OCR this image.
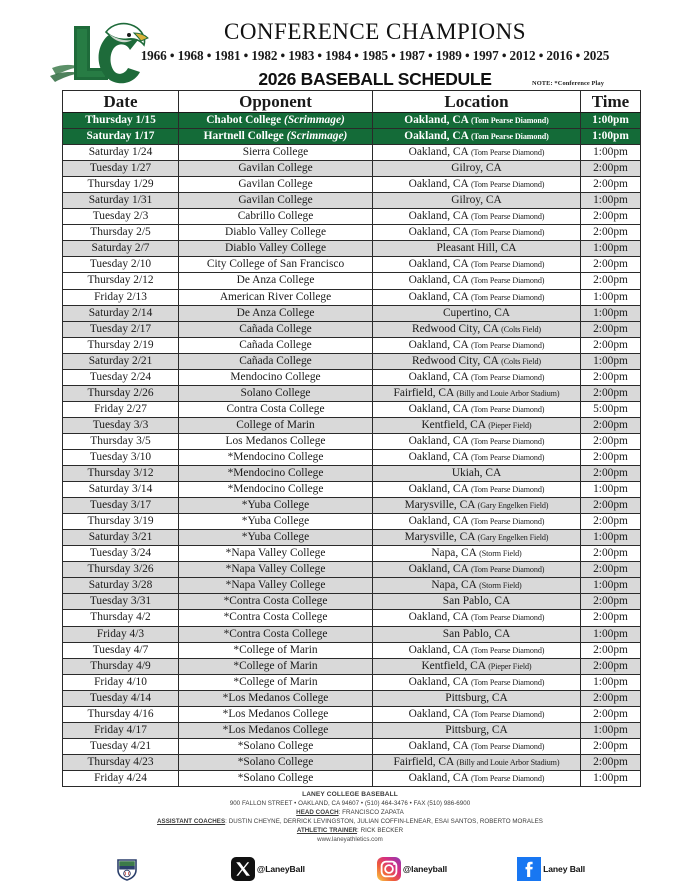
CONFERENCE CHAMPIONS
1966 • 1968 • 1981 • 1982 • 1983 • 1984 • 1985 • 1987 • 1989 • 1997 • 2012 • 2016 • 2025
2026 BASEBALL SCHEDULE	NOTE: *Conference Play
Date	Opponent	Location	Time
Thursday 1/15	Chabot College (Scrimmage)	Oakland, CA (Tom Pearse Diamond)	1:00pm
Saturday 1/17	Hartnell College (Scrimmage)	Oakland, CA (Tom Pearse Diamond)	1:00pm
Saturday 1/24	Sierra College	Oakland, CA (Tom Pearse Diamond)	1:00pm
Tuesday 1/27	Gavilan College	Gilroy, CA	2:00pm
Thursday 1/29	Gavilan College	Oakland, CA (Tom Pearse Diamond)	2:00pm
Saturday 1/31	Gavilan College	Gilroy, CA	1:00pm
Tuesday 2/3	Cabrillo College	Oakland, CA (Tom Pearse Diamond)	2:00pm
Thursday 2/5	Diablo Valley College	Oakland, CA (Tom Pearse Diamond)	2:00pm
Saturday 2/7	Diablo Valley College	Pleasant Hill, CA	1:00pm
Tuesday 2/10	City College of San Francisco	Oakland, CA (Tom Pearse Diamond)	2:00pm
Thursday 2/12	De Anza College	Oakland, CA (Tom Pearse Diamond)	2:00pm
Friday 2/13	American River College	Oakland, CA (Tom Pearse Diamond)	1:00pm
Saturday 2/14	De Anza College	Cupertino, CA	1:00pm
Tuesday 2/17	Cañada College	Redwood City, CA (Colts Field)	2:00pm
Thursday 2/19	Cañada College	Oakland, CA (Tom Pearse Diamond)	2:00pm
Saturday 2/21	Cañada College	Redwood City, CA (Colts Field)	1:00pm
Tuesday 2/24	Mendocino College	Oakland, CA (Tom Pearse Diamond)	2:00pm
Thursday 2/26	Solano College	Fairfield, CA (Billy and Louie Arbor Stadium)	2:00pm
Friday 2/27	Contra Costa College	Oakland, CA (Tom Pearse Diamond)	5:00pm
Tuesday 3/3	College of Marin	Kentfield, CA (Pieper Field)	2:00pm
Thursday 3/5	Los Medanos College	Oakland, CA (Tom Pearse Diamond)	2:00pm
Tuesday 3/10	*Mendocino College	Oakland, CA (Tom Pearse Diamond)	2:00pm
Thursday 3/12	*Mendocino College	Ukiah, CA	2:00pm
Saturday 3/14	*Mendocino College	Oakland, CA (Tom Pearse Diamond)	1:00pm
Tuesday 3/17	*Yuba College	Marysville, CA (Gary Engelken Field)	2:00pm
Thursday 3/19	*Yuba College	Oakland, CA (Tom Pearse Diamond)	2:00pm
Saturday 3/21	*Yuba College	Marysville, CA (Gary Engelken Field)	1:00pm
Tuesday 3/24	*Napa Valley College	Napa, CA (Storm Field)	2:00pm
Thursday 3/26	*Napa Valley College	Oakland, CA (Tom Pearse Diamond)	2:00pm
Saturday 3/28	*Napa Valley College	Napa, CA (Storm Field)	1:00pm
Tuesday 3/31	*Contra Costa College	San Pablo, CA	2:00pm
Thursday 4/2	*Contra Costa College	Oakland, CA (Tom Pearse Diamond)	2:00pm
Friday 4/3	*Contra Costa College	San Pablo, CA	1:00pm
Tuesday 4/7	*College of Marin	Oakland, CA (Tom Pearse Diamond)	2:00pm
Thursday 4/9	*College of Marin	Kentfield, CA (Pieper Field)	2:00pm
Friday 4/10	*College of Marin	Oakland, CA (Tom Pearse Diamond)	1:00pm
Tuesday 4/14	*Los Medanos College	Pittsburg, CA	2:00pm
Thursday 4/16	*Los Medanos College	Oakland, CA (Tom Pearse Diamond)	2:00pm
Friday 4/17	*Los Medanos College	Pittsburg, CA	1:00pm
Tuesday 4/21	*Solano College	Oakland, CA (Tom Pearse Diamond)	2:00pm
Thursday 4/23	*Solano College	Fairfield, CA (Billy and Louie Arbor Stadium)	2:00pm
Friday 4/24	*Solano College	Oakland, CA (Tom Pearse Diamond)	1:00pm
LANEY COLLEGE BASEBALL
900 FALLON STREET • OAKLAND, CA 94607 • (510) 464-3476 • FAX (510) 986-6900
HEAD COACH: FRANCISCO ZAPATA
ASSISTANT COACHES: DUSTIN CHEYNE, DERRICK LEVINGSTON, JULIAN COFFIN-LENEAR, ESAI SANTOS, ROBERTO MORALES
ATHLETIC TRAINER: RICK BECKER
www.laneyathletics.com
@LaneyBall	@laneyball	Laney Ball
